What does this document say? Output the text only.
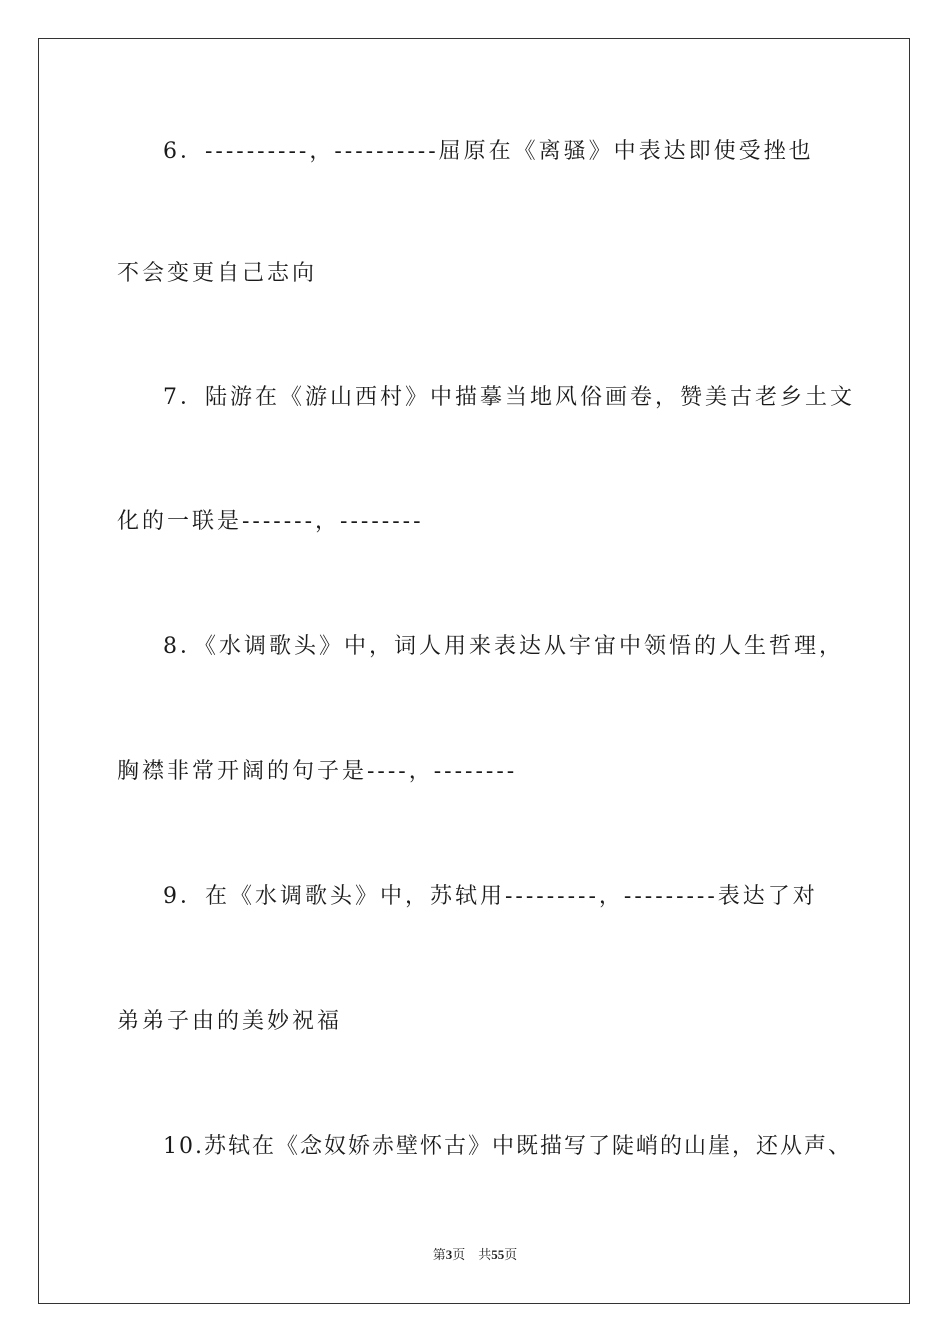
6．----------，----------屈原在《离骚》中表达即使受挫也
不会变更自己志向
7．陆游在《游山西村》中描摹当地风俗画卷，赞美古老乡土文
化的一联是-------，--------
8．《水调歌头》中，词人用来表达从宇宙中领悟的人生哲理，
胸襟非常开阔的句子是----，--------
9．在《水调歌头》中，苏轼用---------，---------表达了对
弟弟子由的美妙祝福
10.苏轼在《念奴娇赤壁怀古》中既描写了陡峭的山崖，还从声、
第3页　共55页
